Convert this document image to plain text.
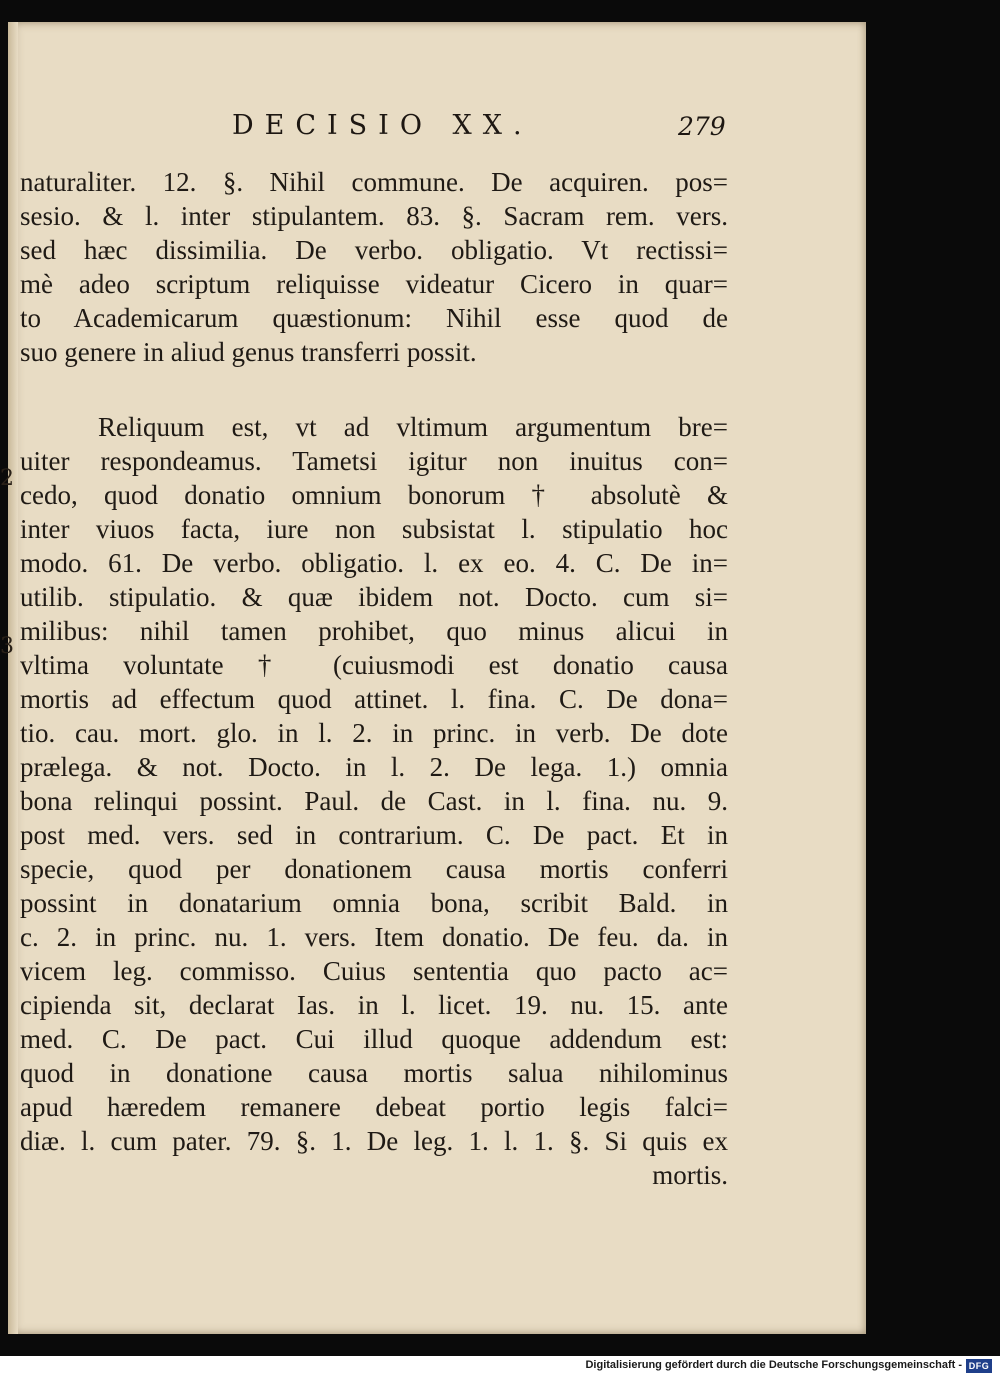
DECISIO XX.	279
naturaliter. 12. §. Nihil commune. De acquiren. pos=
sesio. & l. inter stipulantem. 83. §. Sacram rem. vers.
sed hæc dissimilia. De verbo. obligatio. Vt rectissi=
mè adeo scriptum reliquisse videatur Cicero in quar=
to Academicarum quæstionum: Nihil esse quod de
suo genere in aliud genus transferri possit.
Reliquum est, vt ad vltimum argumentum bre=
uiter respondeamus. Tametsi igitur non inuitus con=
cedo, quod donatio omnium bonorum † absolutè &
inter viuos facta, iure non subsistat l. stipulatio hoc
modo. 61. De verbo. obligatio. l. ex eo. 4. C. De in=
utilib. stipulatio. & quæ ibidem not. Docto. cum si=
milibus: nihil tamen prohibet, quo minus alicui in
vltima voluntate † (cuiusmodi est donatio causa
mortis ad effectum quod attinet. l. fina. C. De dona=
tio. cau. mort. glo. in l. 2. in princ. in verb. De dote
prælega. & not. Docto. in l. 2. De lega. 1.) omnia
bona relinqui possint. Paul. de Cast. in l. fina. nu. 9.
post med. vers. sed in contrarium. C. De pact. Et in
specie, quod per donationem causa mortis conferri
possint in donatarium omnia bona, scribit Bald. in
c. 2. in princ. nu. 1. vers. Item donatio. De feu. da. in
vicem leg. commisso. Cuius sententia quo pacto ac=
cipienda sit, declarat Ias. in l. licet. 19. nu. 15. ante
med. C. De pact. Cui illud quoque addendum est:
quod in donatione causa mortis salua nihilominus
apud hæredem remanere debeat portio legis falci=
diæ. l. cum pater. 79. §. 1. De leg. 1. l. 1. §. Si quis ex
mortis.
2
3
Digitalisierung gefördert durch die Deutsche Forschungsgemeinschaft - DFG
